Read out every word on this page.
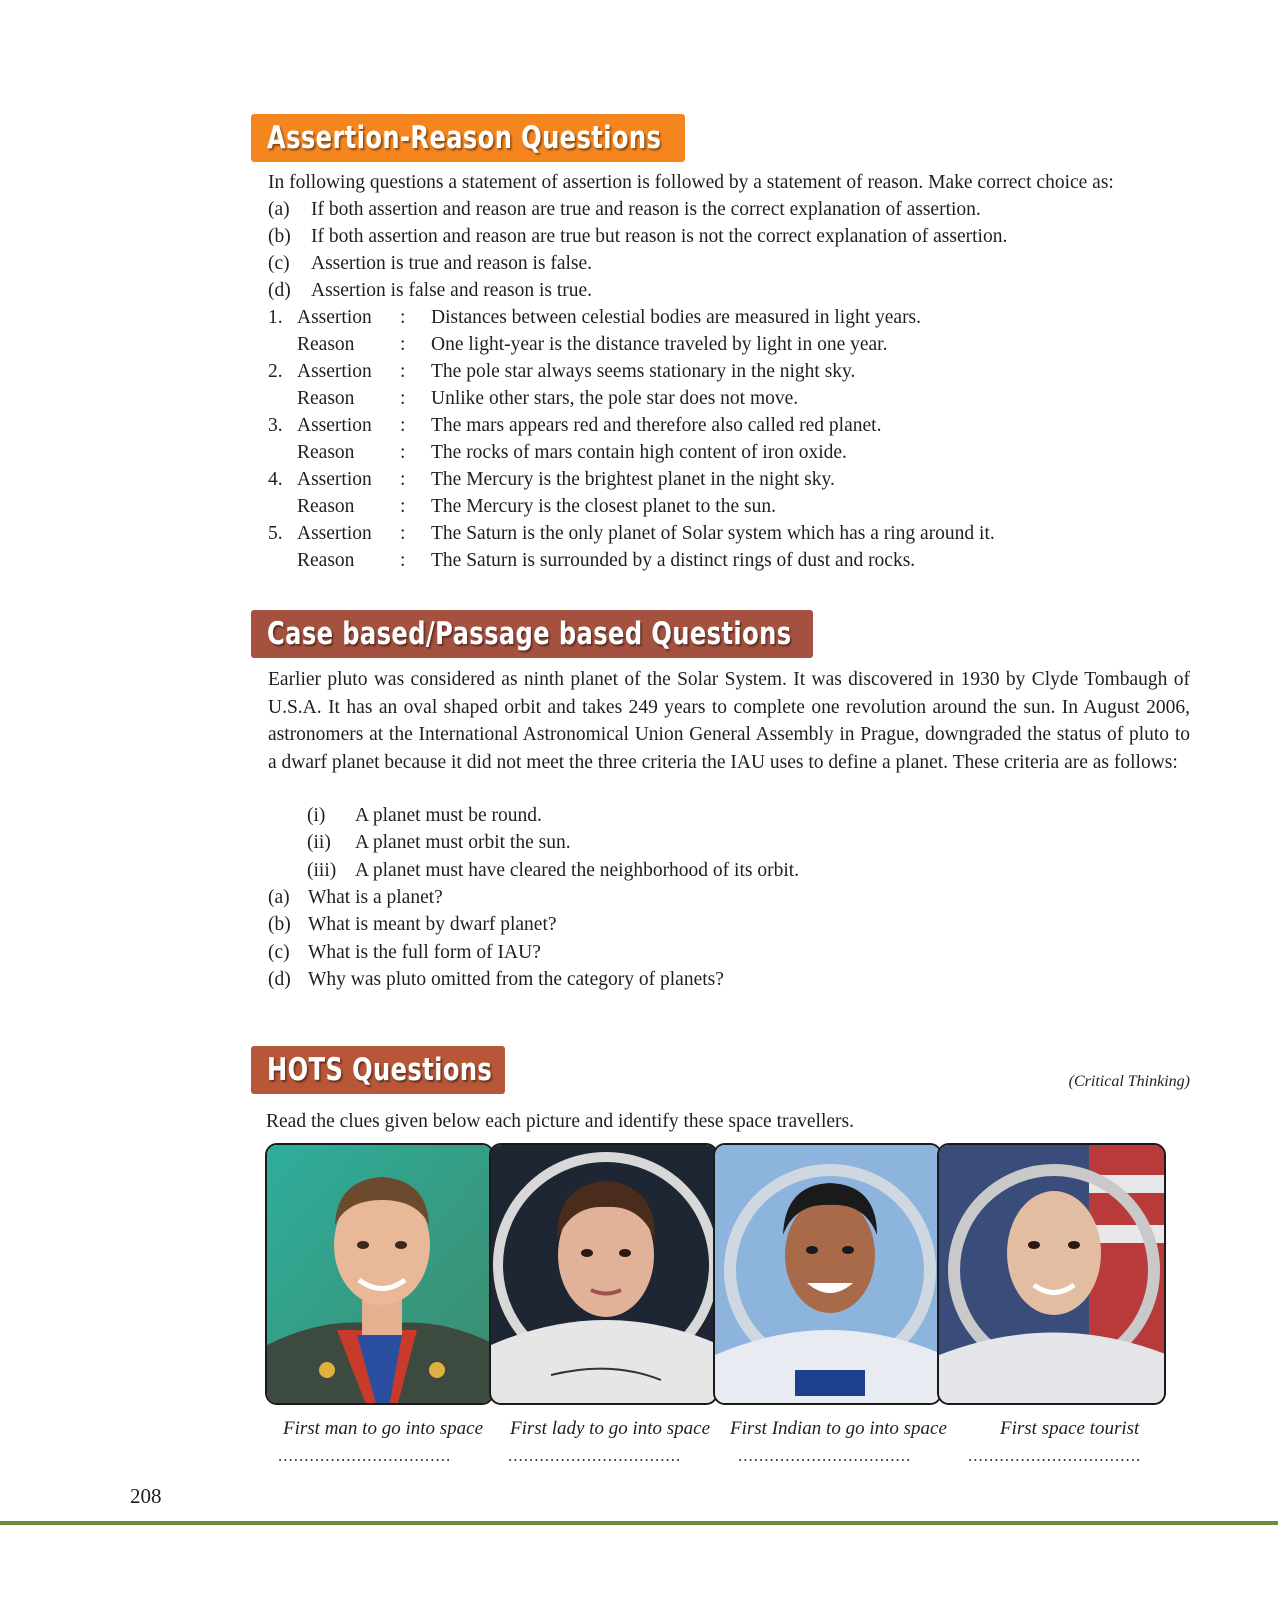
Assertion-Reason Questions
Case based/Passage based Questions
HOTS Questions	(Critical Thinking)
In following questions a statement of assertion is followed by a statement of reason. Make correct choice as:
(a) If both assertion and reason are true and reason is the correct explanation of assertion.
(b) If both assertion and reason are true but reason is not the correct explanation of assertion.
(c) Assertion is true and reason is false.
(d) Assertion is false and reason is true.
1. Assertion : Distances between celestial bodies are measured in light years.
Reason : One light-year is the distance traveled by light in one year.
2. Assertion : The pole star always seems stationary in the night sky.
Reason : Unlike other stars, the pole star does not move.
3. Assertion : The mars appears red and therefore also called red planet.
Reason : The rocks of mars contain high content of iron oxide.
4. Assertion : The Mercury is the brightest planet in the night sky.
Reason : The Mercury is the closest planet to the sun.
5. Assertion : The Saturn is the only planet of Solar system which has a ring around it.
Reason : The Saturn is surrounded by a distinct rings of dust and rocks.
Earlier pluto was considered as ninth planet of the Solar System. It was discovered in 1930 by Clyde Tombaugh of U.S.A. It has an oval shaped orbit and takes 249 years to complete one revolution around the sun. In August 2006, astronomers at the International Astronomical Union General Assembly in Prague, downgraded the status of pluto to a dwarf planet because it did not meet the three criteria the IAU uses to define a planet. These criteria are as follows:
(i) A planet must be round.
(ii) A planet must orbit the sun.
(iii) A planet must have cleared the neighborhood of its orbit.
(a) What is a planet?
(b) What is meant by dwarf planet?
(c) What is the full form of IAU?
(d) Why was pluto omitted from the category of planets?
Read the clues given below each picture and identify these space travellers.
First man to go into space First lady to go into space First Indian to go into space	First space tourist
.................................	.................................	.................................	.................................
208
